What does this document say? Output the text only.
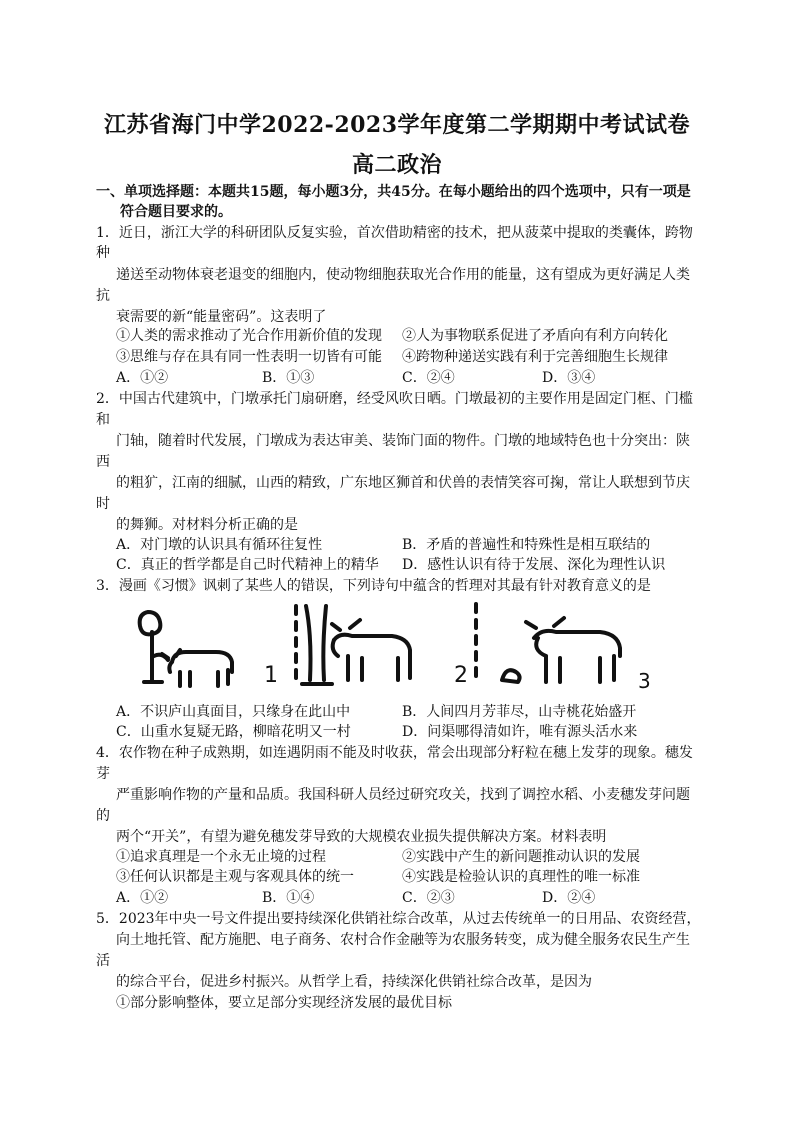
江苏省海门中学2022-2023学年度第二学期期中考试试卷
高二政治
一、单项选择题：本题共15题，每小题3分，共45分。在每小题给出的四个选项中，只有一项是
符合题目要求的。
1．近日，浙江大学的科研团队反复实验，首次借助精密的技术，把从菠菜中提取的类囊体，跨物
种
递送至动物体衰老退变的细胞内，使动物细胞获取光合作用的能量，这有望成为更好满足人类
抗
衰需要的新“能量密码”。这表明了
①人类的需求推动了光合作用新价值的发现 ②人为事物联系促进了矛盾向有利方向转化
③思维与存在具有同一性表明一切皆有可能 ④跨物种递送实践有利于完善细胞生长规律
A．①②	B．①③	C．②④	D．③④
2．中国古代建筑中，门墩承托门扇研磨，经受风吹日晒。门墩最初的主要作用是固定门框、门槛
和
门轴，随着时代发展，门墩成为表达审美、装饰门面的物件。门墩的地域特色也十分突出：陕
西
的粗犷，江南的细腻，山西的精致，广东地区狮首和伏兽的表情笑容可掬，常让人联想到节庆
时
的舞狮。对材料分析正确的是
A．对门墩的认识具有循环往复性	B．矛盾的普遍性和特殊性是相互联结的
C．真正的哲学都是自己时代精神上的精华 D．感性认识有待于发展、深化为理性认识
3．漫画《习惯》讽刺了某些人的错误，下列诗句中蕴含的哲理对其最有针对教育意义的是
1	2	3
A．不识庐山真面目，只缘身在此山中	B．人间四月芳菲尽，山寺桃花始盛开
C．山重水复疑无路，柳暗花明又一村	D．问渠哪得清如许，唯有源头活水来
4．农作物在种子成熟期，如连遇阴雨不能及时收获，常会出现部分籽粒在穗上发芽的现象。穗发
芽
严重影响作物的产量和品质。我国科研人员经过研究攻关，找到了调控水稻、小麦穗发芽问题
的
两个“开关”，有望为避免穗发芽导致的大规模农业损失提供解决方案。材料表明
①追求真理是一个永无止境的过程	②实践中产生的新问题推动认识的发展
③任何认识都是主观与客观具体的统一	④实践是检验认识的真理性的唯一标准
A．①②	B．①④	C．②③	D．②④
5．2023年中央一号文件提出要持续深化供销社综合改革，从过去传统单一的日用品、农资经营，
向土地托管、配方施肥、电子商务、农村合作金融等为农服务转变，成为健全服务农民生产生
活
的综合平台，促进乡村振兴。从哲学上看，持续深化供销社综合改革，是因为
①部分影响整体，要立足部分实现经济发展的最优目标
